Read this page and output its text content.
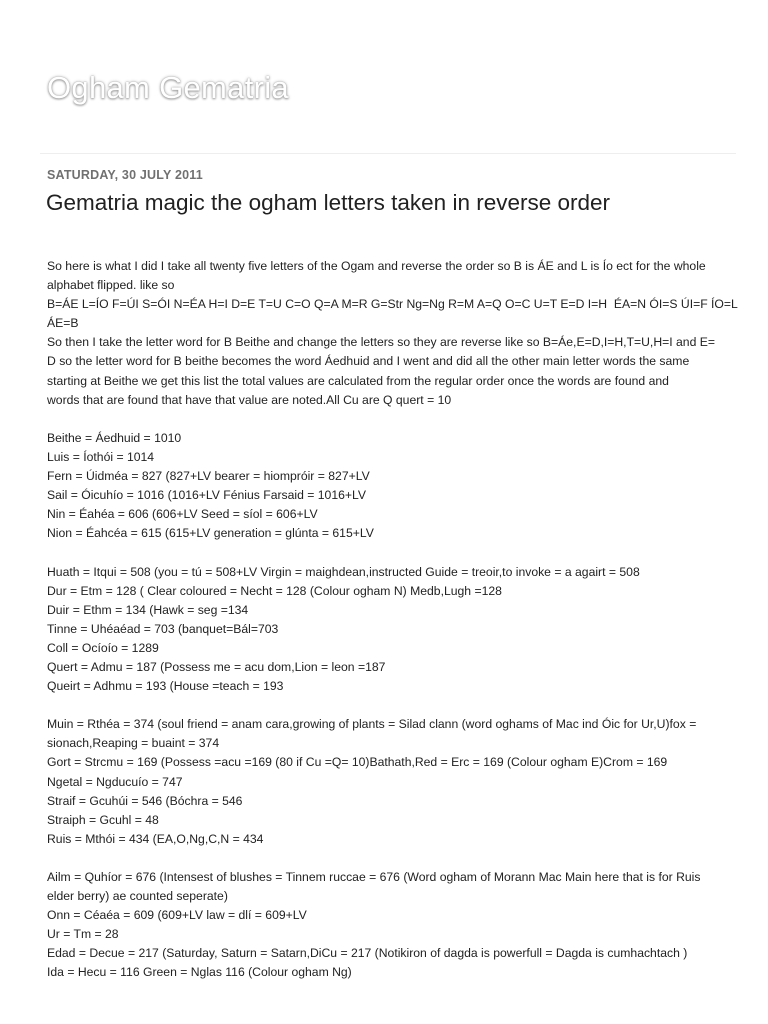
Ogham Gematria
SATURDAY, 30 JULY 2011
Gematria magic the ogham letters taken in reverse order

So here is what I did I take all twenty five letters of the Ogam and reverse the order so B is ÁE and L is Ío ect for the whole
alphabet flipped. like so
B=ÁE L=ÍO F=ÚI S=ÓI N=ÉA H=I D=E T=U C=O Q=A M=R G=Str Ng=Ng R=M A=Q O=C U=T E=D I=H  ÉA=N ÓI=S ÚI=F ÍO=L
ÁE=B
So then I take the letter word for B Beithe and change the letters so they are reverse like so B=Áe,E=D,I=H,T=U,H=I and E=
D so the letter word for B beithe becomes the word Áedhuid and I went and did all the other main letter words the same
starting at Beithe we get this list the total values are calculated from the regular order once the words are found and
words that are found that have that value are noted.All Cu are Q quert = 10

Beithe = Áedhuid = 1010
Luis = Íothói = 1014
Fern = Úidméa = 827 (827+LV bearer = hiompróir = 827+LV
Sail = Óicuhío = 1016 (1016+LV Fénius Farsaid = 1016+LV
Nin = Éahéa = 606 (606+LV Seed = síol = 606+LV
Nion = Éahcéa = 615 (615+LV generation = glúnta = 615+LV

Huath = Itqui = 508 (you = tú = 508+LV Virgin = maighdean,instructed Guide = treoir,to invoke = a agairt = 508
Dur = Etm = 128 ( Clear coloured = Necht = 128 (Colour ogham N) Medb,Lugh =128
Duir = Ethm = 134 (Hawk = seg =134
Tinne = Uhéaéad = 703 (banquet=Bál=703
Coll = Ocíoío = 1289
Quert = Admu = 187 (Possess me = acu dom,Lion = leon =187
Queirt = Adhmu = 193 (House =teach = 193

Muin = Rthéa = 374 (soul friend = anam cara,growing of plants = Silad clann (word oghams of Mac ind Óic for Ur,U)fox =
sionach,Reaping = buaint = 374
Gort = Strcmu = 169 (Possess =acu =169 (80 if Cu =Q= 10)Bathath,Red = Erc = 169 (Colour ogham E)Crom = 169
Ngetal = Ngducuío = 747
Straif = Gcuhúi = 546 (Bóchra = 546
Straiph = Gcuhl = 48
Ruis = Mthói = 434 (EA,O,Ng,C,N = 434

Ailm = Quhíor = 676 (Intensest of blushes = Tinnem ruccae = 676 (Word ogham of Morann Mac Main here that is for Ruis
elder berry) ae counted seperate)
Onn = Céaéa = 609 (609+LV law = dlí = 609+LV
Ur = Tm = 28
Edad = Decue = 217 (Saturday, Saturn = Satarn,DiCu = 217 (Notikiron of dagda is powerfull = Dagda is cumhachtach )
Ida = Hecu = 116 Green = Nglas 116 (Colour ogham Ng)
